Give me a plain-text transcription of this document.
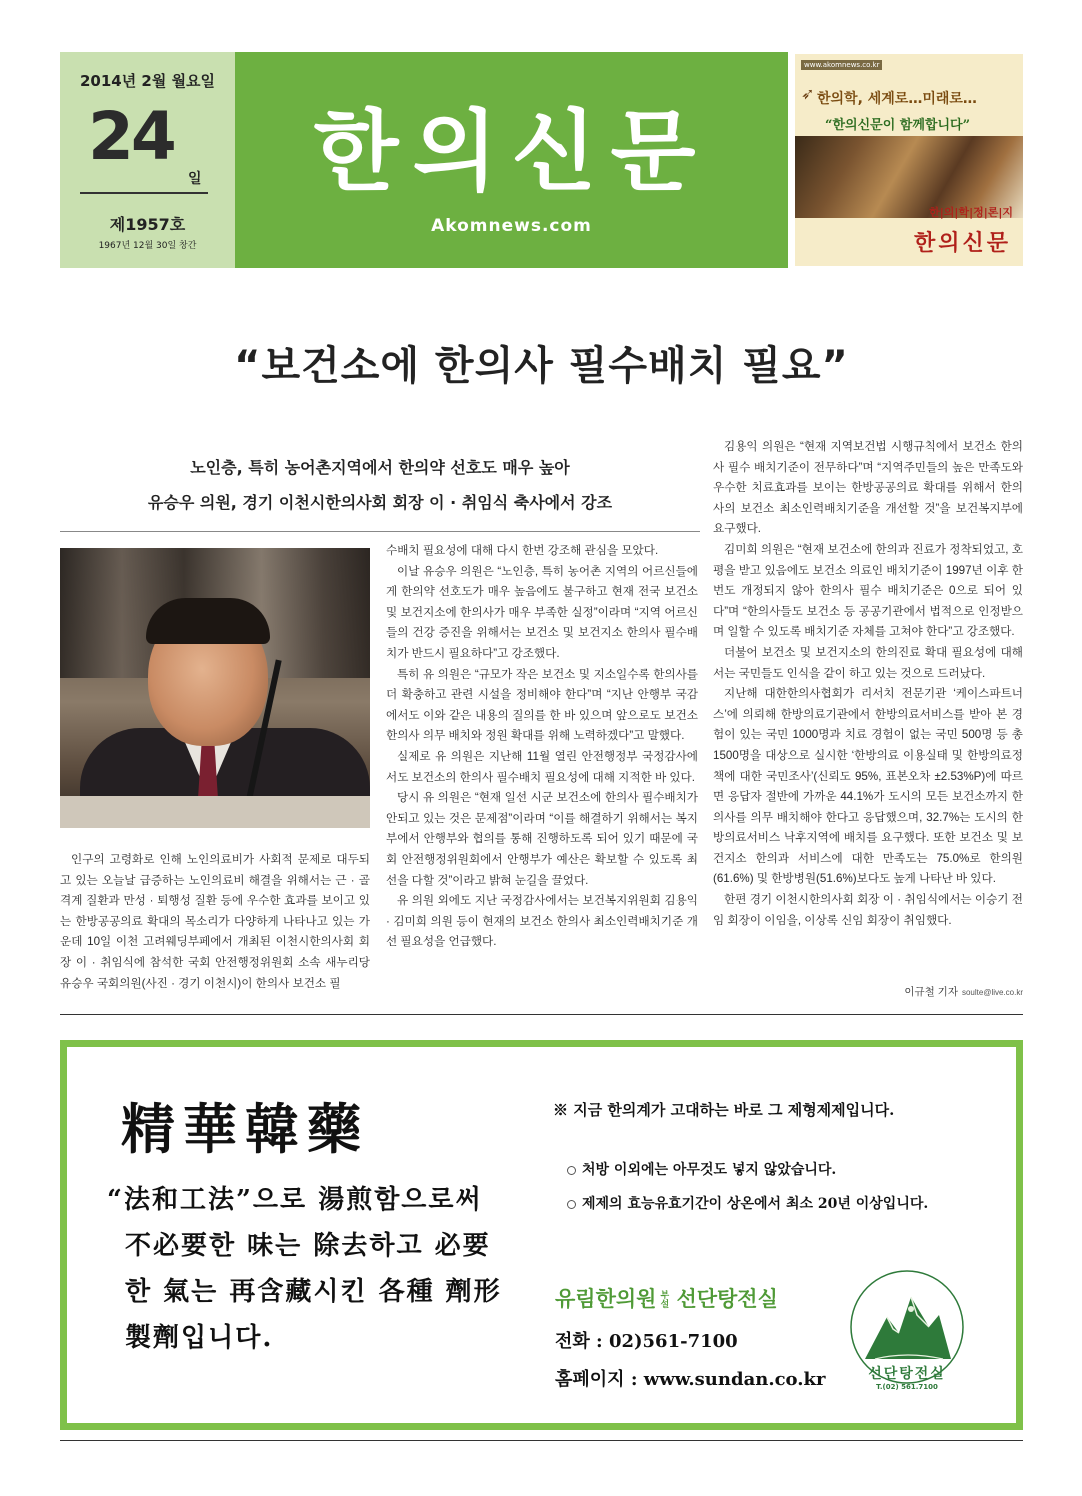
2014년 2월 월요일
24
일
제1957호
1967년 12월 30일 창간
한의신문
Akomnews.com
www.akomnews.co.kr
➶ 한의학, 세계로…미래로…
“한의신문이 함께합니다”
한|의|학|정|론|지
한의신문
“보건소에 한의사 필수배치 필요”
노인층, 특히 농어촌지역에서 한의약 선호도 매우 높아
유승우 의원, 경기 이천시한의사회 회장 이 · 취임식 축사에서 강조

인구의 고령화로 인해 노인의료비가 사회적 문제로 대두되고 있는 오늘날 급증하는 노인의료비 해결을 위해서는 근 · 골격계 질환과 만성 · 퇴행성 질환 등에 우수한 효과를 보이고 있는 한방공공의료 확대의 목소리가 다양하게 나타나고 있는 가운데 10일 이천 고려웨딩부페에서 개최된 이천시한의사회 회장 이 · 취임식에 참석한 국회 안전행정위원회 소속 새누리당 유승우 국회의원(사진 · 경기 이천시)이 한의사 보건소 필

수배치 필요성에 대해 다시 한번 강조해 관심을 모았다.

이날 유승우 의원은 “노인층, 특히 농어촌 지역의 어르신들에게 한의약 선호도가 매우 높음에도 불구하고 현재 전국 보건소 및 보건지소에 한의사가 매우 부족한 실정”이라며 “지역 어르신들의 건강 증진을 위해서는 보건소 및 보건지소 한의사 필수배치가 반드시 필요하다”고 강조했다.

특히 유 의원은 “규모가 작은 보건소 및 지소일수록 한의사를 더 확충하고 관련 시설을 정비해야 한다”며 “지난 안행부 국감에서도 이와 같은 내용의 질의를 한 바 있으며 앞으로도 보건소 한의사 의무 배치와 정원 확대를 위해 노력하겠다”고 말했다.

실제로 유 의원은 지난해 11월 열린 안전행정부 국정감사에서도 보건소의 한의사 필수배치 필요성에 대해 지적한 바 있다.

당시 유 의원은 “현재 일선 시군 보건소에 한의사 필수배치가 안되고 있는 것은 문제점”이라며 “이를 해결하기 위해서는 복지부에서 안행부와 협의를 통해 진행하도록 되어 있기 때문에 국회 안전행정위원회에서 안행부가 예산은 확보할 수 있도록 최선을 다할 것”이라고 밝혀 눈길을 끌었다.

유 의원 외에도 지난 국정감사에서는 보건복지위원회 김용익 · 김미희 의원 등이 현재의 보건소 한의사 최소인력배치기준 개선 필요성을 언급했다.

김용익 의원은 “현재 지역보건법 시행규칙에서 보건소 한의사 필수 배치기준이 전무하다”며 “지역주민들의 높은 만족도와 우수한 치료효과를 보이는 한방공공의료 확대를 위해서 한의사의 보건소 최소인력배치기준을 개선할 것”을 보건복지부에 요구했다.

김미희 의원은 “현재 보건소에 한의과 진료가 정착되었고, 호평을 받고 있음에도 보건소 의료인 배치기준이 1997년 이후 한번도 개정되지 않아 한의사 필수 배치기준은 0으로 되어 있다”며 “한의사들도 보건소 등 공공기관에서 법적으로 인정받으며 일할 수 있도록 배치기준 자체를 고쳐야 한다”고 강조했다.

더불어 보건소 및 보건지소의 한의진료 확대 필요성에 대해서는 국민들도 인식을 같이 하고 있는 것으로 드러났다.

지난해 대한한의사협회가 리서치 전문기관 ‘케이스파트너스’에 의뢰해 한방의료기관에서 한방의료서비스를 받아 본 경험이 있는 국민 1000명과 치료 경험이 없는 국민 500명 등 총 1500명을 대상으로 실시한 ‘한방의료 이용실태 및 한방의료정책에 대한 국민조사’(신뢰도 95%, 표본오차 ±2.53%P)에 따르면 응답자 절반에 가까운 44.1%가 도시의 모든 보건소까지 한의사를 의무 배치해야 한다고 응답했으며, 32.7%는 도시의 한방의료서비스 낙후지역에 배치를 요구했다. 또한 보건소 및 보건지소 한의과 서비스에 대한 만족도는 75.0%로 한의원(61.6%) 및 한방병원(51.6%)보다도 높게 나타난 바 있다.

한편 경기 이천시한의사회 회장 이 · 취임식에서는 이승기 전임 회장이 이임을, 이상록 신임 회장이 취임했다.

이규철 기자 soulte@live.co.kr
精華韓藥
“法和工法”으로 湯煎함으로써
不必要한 味는 除去하고 必要
한 氣는 再含藏시킨 各種 劑形
製劑입니다.
※ 지금 한의계가 고대하는 바로 그 제형제제입니다.
처방 이외에는 아무것도 넣지 않았습니다.
제제의 효능유효기간이 상온에서 최소 20년 이상입니다.
유림한의원 부설 선단탕전실
전화 : 02)561-7100
홈페이지 : www.sundan.co.kr	선단탕전실
T.(02) 561.7100
